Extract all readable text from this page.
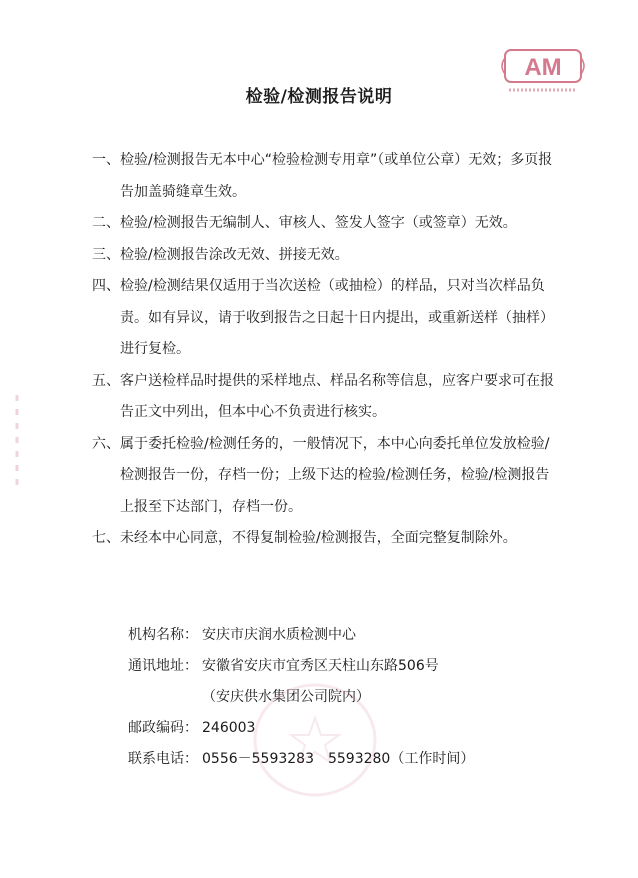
AM
检验/检测报告说明
一、 检验/检测报告无本中心“检验检测专用章”（或单位公章）无效；多页报告加盖骑缝章生效。
二、 检验/检测报告无编制人、审核人、签发人签字（或签章）无效。
三、 检验/检测报告涂改无效、拼接无效。
四、 检验/检测结果仅适用于当次送检（或抽检）的样品，只对当次样品负责。如有异议，请于收到报告之日起十日内提出，或重新送样（抽样）进行复检。
五、 客户送检样品时提供的采样地点、样品名称等信息，应客户要求可在报告正文中列出，但本中心不负责进行核实。
六、 属于委托检验/检测任务的，一般情况下，本中心向委托单位发放检验/检测报告一份，存档一份；上级下达的检验/检测任务，检验/检测报告上报至下达部门，存档一份。
七、 未经本中心同意，不得复制检验/检测报告，全面完整复制除外。
机构名称： 安庆市庆润水质检测中心
通讯地址： 安徽省安庆市宜秀区天柱山东路506号
（安庆供水集团公司院内）
邮政编码： 246003
联系电话： 0556－5593283　5593280（工作时间）
